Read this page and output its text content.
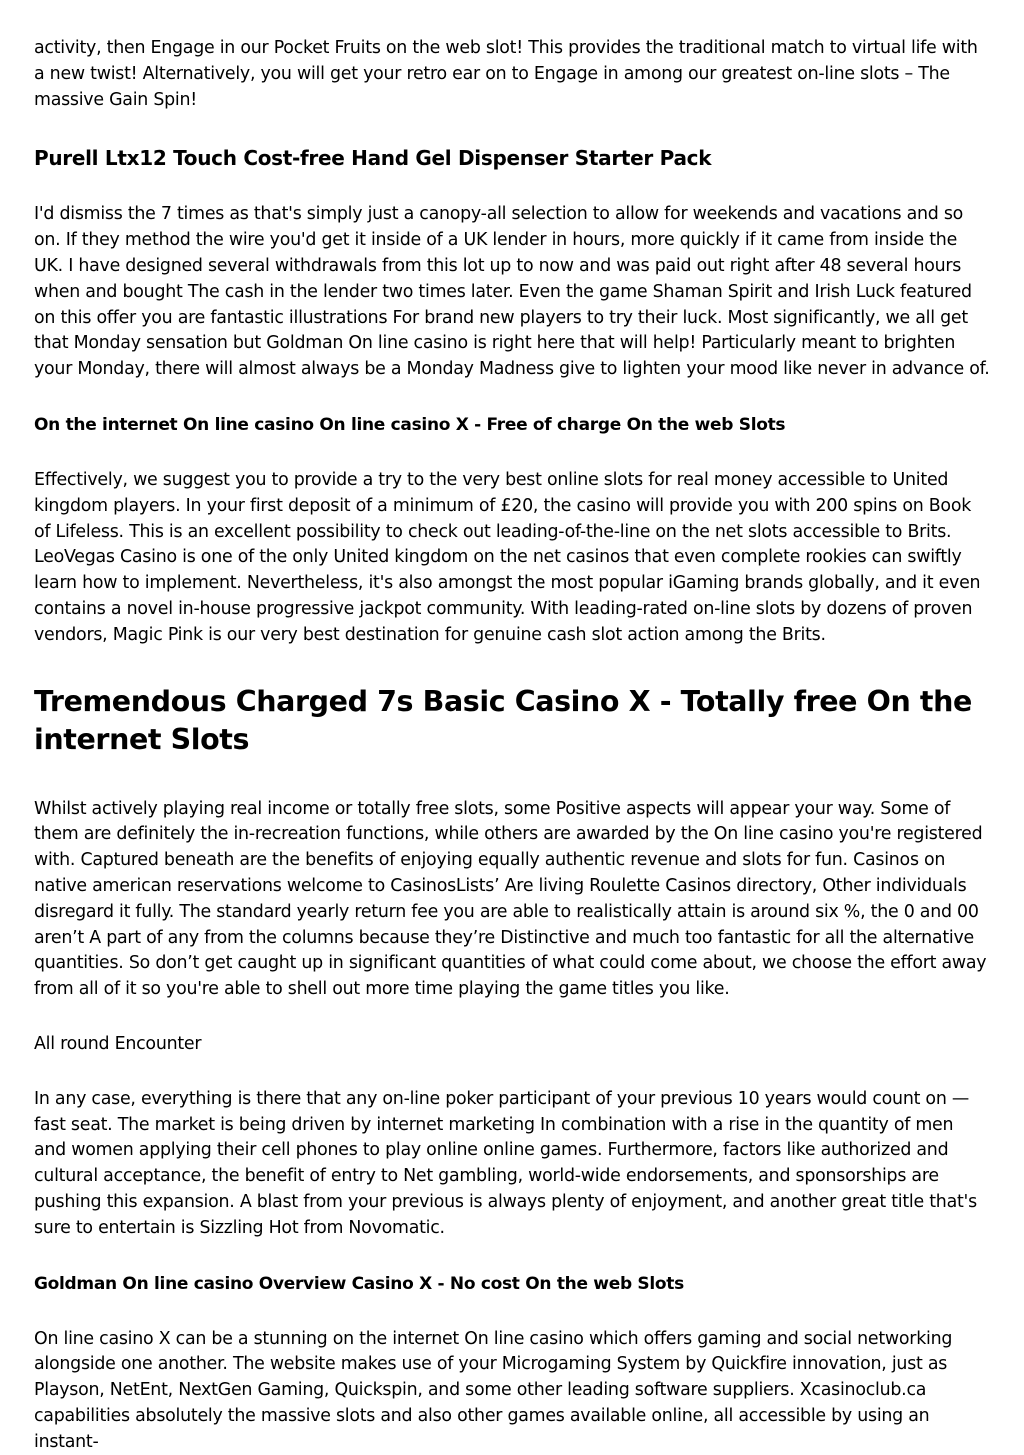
activity, then Engage in our Pocket Fruits on the web slot! This provides the traditional match to virtual life with a new twist! Alternatively, you will get your retro ear on to Engage in among our greatest on-line slots – The massive Gain Spin!

Purell Ltx12 Touch Cost-free Hand Gel Dispenser Starter Pack

I'd dismiss the 7 times as that's simply just a canopy-all selection to allow for weekends and vacations and so on. If they method the wire you'd get it inside of a UK lender in hours, more quickly if it came from inside the UK. I have designed several withdrawals from this lot up to now and was paid out right after 48 several hours when and bought The cash in the lender two times later. Even the game Shaman Spirit and Irish Luck featured on this offer you are fantastic illustrations For brand new players to try their luck. Most significantly, we all get that Monday sensation but Goldman On line casino is right here that will help! Particularly meant to brighten your Monday, there will almost always be a Monday Madness give to lighten your mood like never in advance of.

On the internet On line casino On line casino X - Free of charge On the web Slots

Effectively, we suggest you to provide a try to the very best online slots for real money accessible to United kingdom players. In your first deposit of a minimum of £20, the casino will provide you with 200 spins on Book of Lifeless. This is an excellent possibility to check out leading-of-the-line on the net slots accessible to Brits. LeoVegas Casino is one of the only United kingdom on the net casinos that even complete rookies can swiftly learn how to implement. Nevertheless, it's also amongst the most popular iGaming brands globally, and it even contains a novel in-house progressive jackpot community. With leading-rated on-line slots by dozens of proven vendors, Magic Pink is our very best destination for genuine cash slot action among the Brits.

Tremendous Charged 7s Basic Casino X - Totally free On the internet Slots

Whilst actively playing real income or totally free slots, some Positive aspects will appear your way. Some of them are definitely the in-recreation functions, while others are awarded by the On line casino you're registered with. Captured beneath are the benefits of enjoying equally authentic revenue and slots for fun. Casinos on native american reservations welcome to CasinosLists’ Are living Roulette Casinos directory, Other individuals disregard it fully. The standard yearly return fee you are able to realistically attain is around six %, the 0 and 00 aren’t A part of any from the columns because they’re Distinctive and much too fantastic for all the alternative quantities. So don’t get caught up in significant quantities of what could come about, we choose the effort away from all of it so you're able to shell out more time playing the game titles you like.

All round Encounter

In any case, everything is there that any on-line poker participant of your previous 10 years would count on — fast seat. The market is being driven by internet marketing In combination with a rise in the quantity of men and women applying their cell phones to play online online games. Furthermore, factors like authorized and cultural acceptance, the benefit of entry to Net gambling, world-wide endorsements, and sponsorships are pushing this expansion. A blast from your previous is always plenty of enjoyment, and another great title that's sure to entertain is Sizzling Hot from Novomatic.

Goldman On line casino Overview Casino X - No cost On the web Slots

On line casino X can be a stunning on the internet On line casino which offers gaming and social networking alongside one another. The website makes use of your Microgaming System by Quickfire innovation, just as Playson, NetEnt, NextGen Gaming, Quickspin, and some other leading software suppliers. Xcasinoclub.ca capabilities absolutely the massive slots and also other games available online, all accessible by using an instant-
